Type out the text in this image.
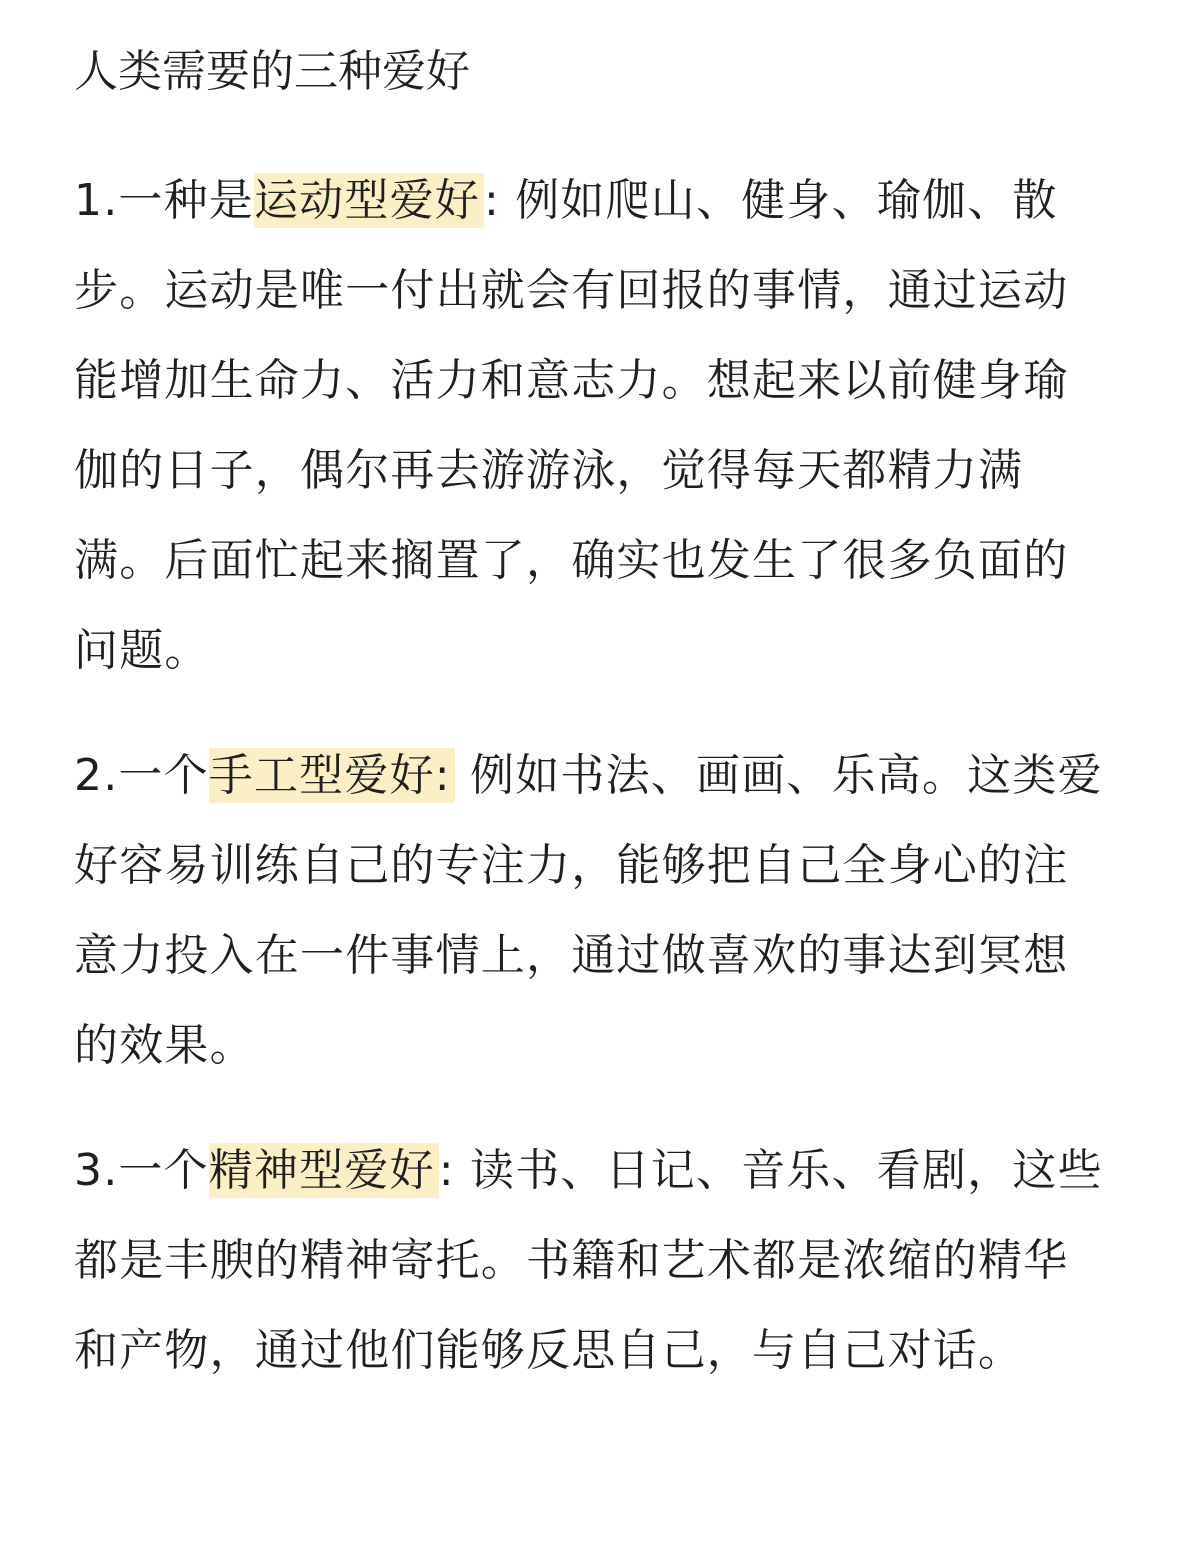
人类需要的三种爱好

1.一种是运动型爱好: 例如爬山、健身、瑜伽、散步。运动是唯一付出就会有回报的事情，通过运动能增加生命力、活力和意志力。想起来以前健身瑜伽的日子，偶尔再去游游泳，觉得每天都精力满满。后面忙起来搁置了，确实也发生了很多负面的问题。

2.一个手工型爱好: 例如书法、画画、乐高。这类爱好容易训练自己的专注力，能够把自己全身心的注意力投入在一件事情上，通过做喜欢的事达到冥想的效果。

3.一个精神型爱好: 读书、日记、音乐、看剧，这些都是丰腴的精神寄托。书籍和艺术都是浓缩的精华和产物，通过他们能够反思自己，与自己对话。
